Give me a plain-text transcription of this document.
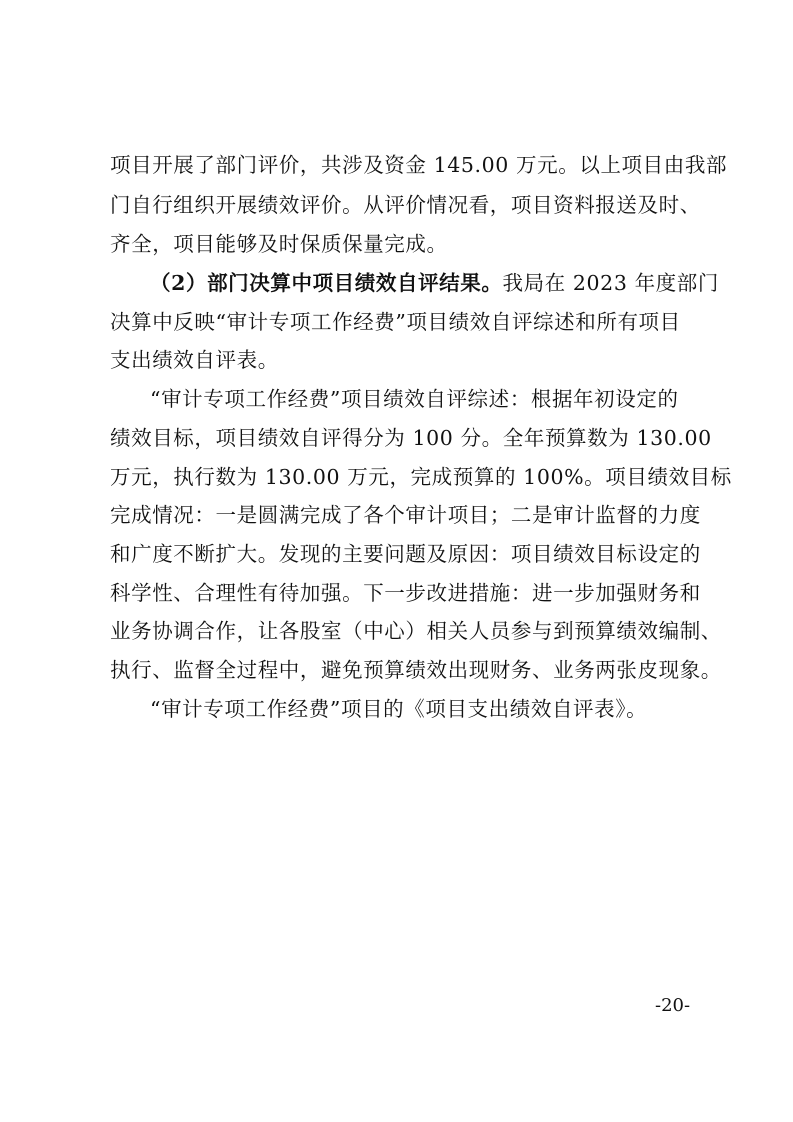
项目开展了部门评价，共涉及资金 145.00 万元。以上项目由我部
门自行组织开展绩效评价。从评价情况看，项目资料报送及时、
齐全，项目能够及时保质保量完成。
（2）部门决算中项目绩效自评结果。我局在 2023 年度部门
决算中反映“审计专项工作经费”项目绩效自评综述和所有项目
支出绩效自评表。
“审计专项工作经费”项目绩效自评综述：根据年初设定的
绩效目标，项目绩效自评得分为 100 分。全年预算数为 130.00
万元，执行数为 130.00 万元，完成预算的 100%。项目绩效目标
完成情况：一是圆满完成了各个审计项目；二是审计监督的力度
和广度不断扩大。发现的主要问题及原因：项目绩效目标设定的
科学性、合理性有待加强。下一步改进措施：进一步加强财务和
业务协调合作，让各股室（中心）相关人员参与到预算绩效编制、
执行、监督全过程中，避免预算绩效出现财务、业务两张皮现象。
“审计专项工作经费”项目的《项目支出绩效自评表》。
-20-
